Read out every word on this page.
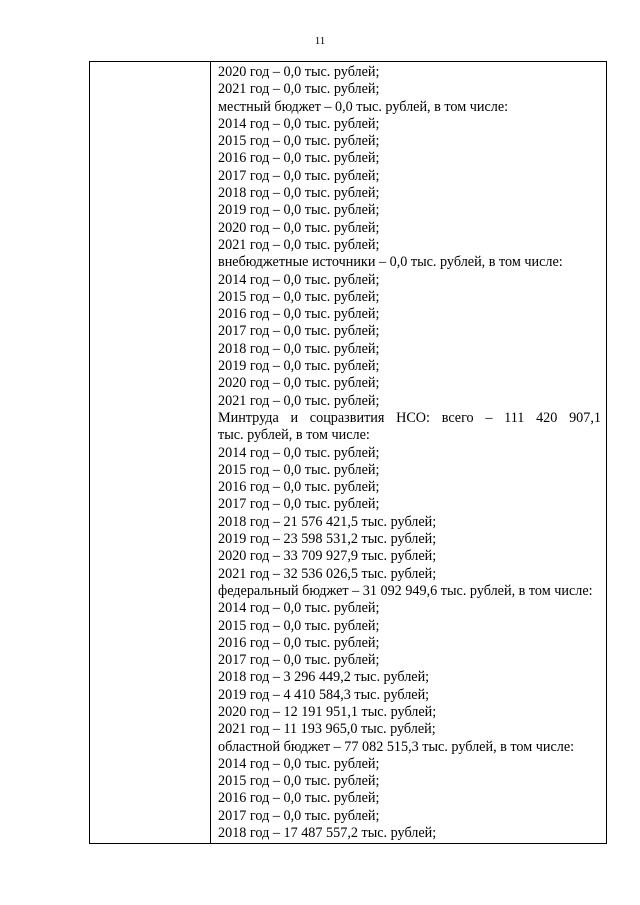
11
2020 год – 0,0 тыс. рублей;
2021 год – 0,0 тыс. рублей;
местный бюджет – 0,0 тыс. рублей, в том числе:
2014 год – 0,0 тыс. рублей;
2015 год – 0,0 тыс. рублей;
2016 год – 0,0 тыс. рублей;
2017 год – 0,0 тыс. рублей;
2018 год – 0,0 тыс. рублей;
2019 год – 0,0 тыс. рублей;
2020 год – 0,0 тыс. рублей;
2021 год – 0,0 тыс. рублей;
внебюджетные источники – 0,0 тыс. рублей, в том числе:
2014 год – 0,0 тыс. рублей;
2015 год – 0,0 тыс. рублей;
2016 год – 0,0 тыс. рублей;
2017 год – 0,0 тыс. рублей;
2018 год – 0,0 тыс. рублей;
2019 год – 0,0 тыс. рублей;
2020 год – 0,0 тыс. рублей;
2021 год – 0,0 тыс. рублей;
Минтруда и соцразвития НСО: всего – 111 420 907,1
тыс. рублей, в том числе:
2014 год – 0,0 тыс. рублей;
2015 год – 0,0 тыс. рублей;
2016 год – 0,0 тыс. рублей;
2017 год – 0,0 тыс. рублей;
2018 год – 21 576 421,5 тыс. рублей;
2019 год – 23 598 531,2 тыс. рублей;
2020 год – 33 709 927,9 тыс. рублей;
2021 год – 32 536 026,5 тыс. рублей;
федеральный бюджет – 31 092 949,6 тыс. рублей, в том числе:
2014 год – 0,0 тыс. рублей;
2015 год – 0,0 тыс. рублей;
2016 год – 0,0 тыс. рублей;
2017 год – 0,0 тыс. рублей;
2018 год – 3 296 449,2 тыс. рублей;
2019 год – 4 410 584,3 тыс. рублей;
2020 год – 12 191 951,1 тыс. рублей;
2021 год – 11 193 965,0 тыс. рублей;
областной бюджет – 77 082 515,3 тыс. рублей, в том числе:
2014 год – 0,0 тыс. рублей;
2015 год – 0,0 тыс. рублей;
2016 год – 0,0 тыс. рублей;
2017 год – 0,0 тыс. рублей;
2018 год – 17 487 557,2 тыс. рублей;
